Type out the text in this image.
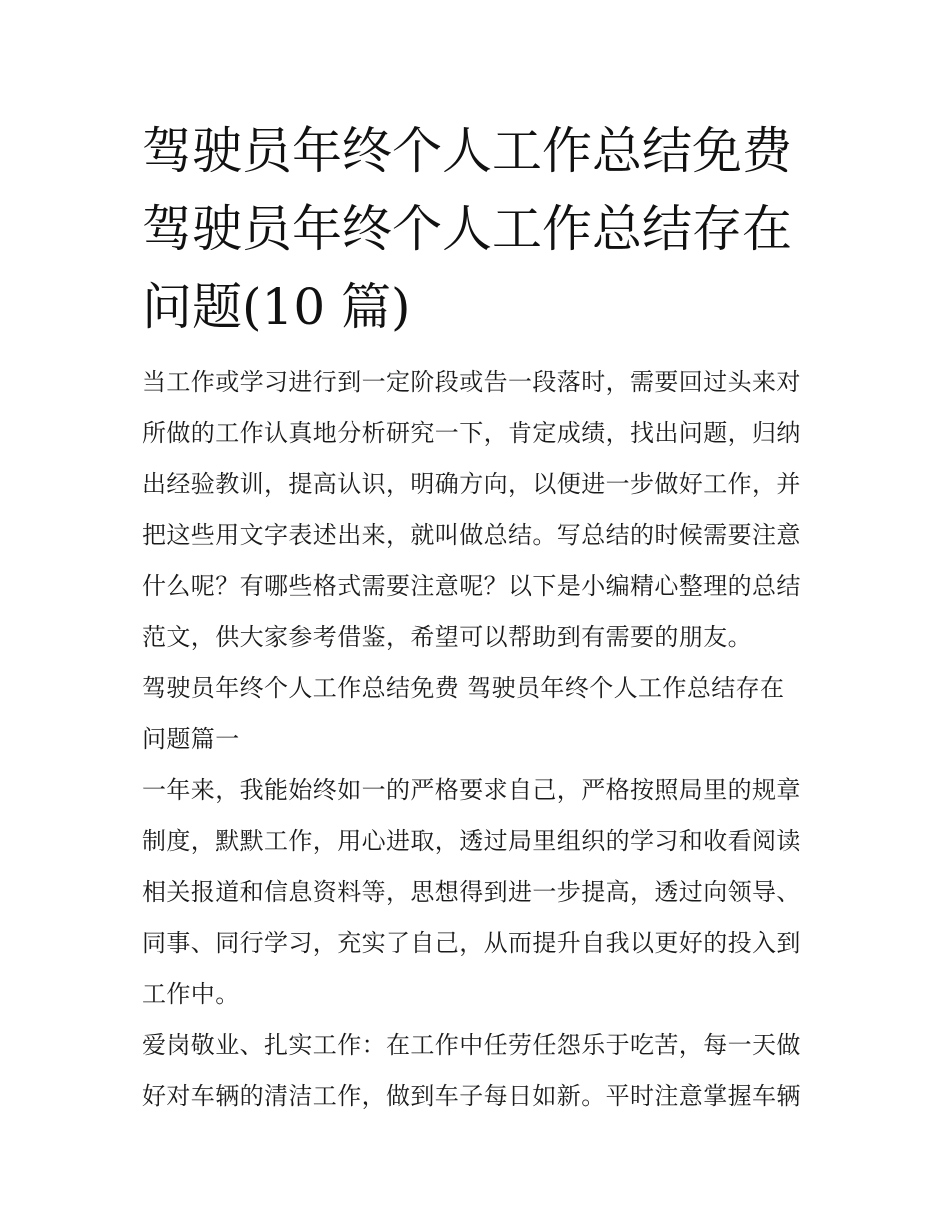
驾驶员年终个人工作总结免费
驾驶员年终个人工作总结存在
问题(10 篇)
当工作或学习进行到一定阶段或告一段落时，需要回过头来对
所做的工作认真地分析研究一下，肯定成绩，找出问题，归纳
出经验教训，提高认识，明确方向，以便进一步做好工作，并
把这些用文字表述出来，就叫做总结。写总结的时候需要注意
什么呢？有哪些格式需要注意呢？以下是小编精心整理的总结
范文，供大家参考借鉴，希望可以帮助到有需要的朋友。
驾驶员年终个人工作总结免费 驾驶员年终个人工作总结存在
问题篇一
一年来，我能始终如一的严格要求自己，严格按照局里的规章
制度，默默工作，用心进取，透过局里组织的学习和收看阅读
相关报道和信息资料等，思想得到进一步提高，透过向领导、
同事、同行学习，充实了自己，从而提升自我以更好的投入到
工作中。
爱岗敬业、扎实工作：在工作中任劳任怨乐于吃苦，每一天做
好对车辆的清洁工作，做到车子每日如新。平时注意掌握车辆
